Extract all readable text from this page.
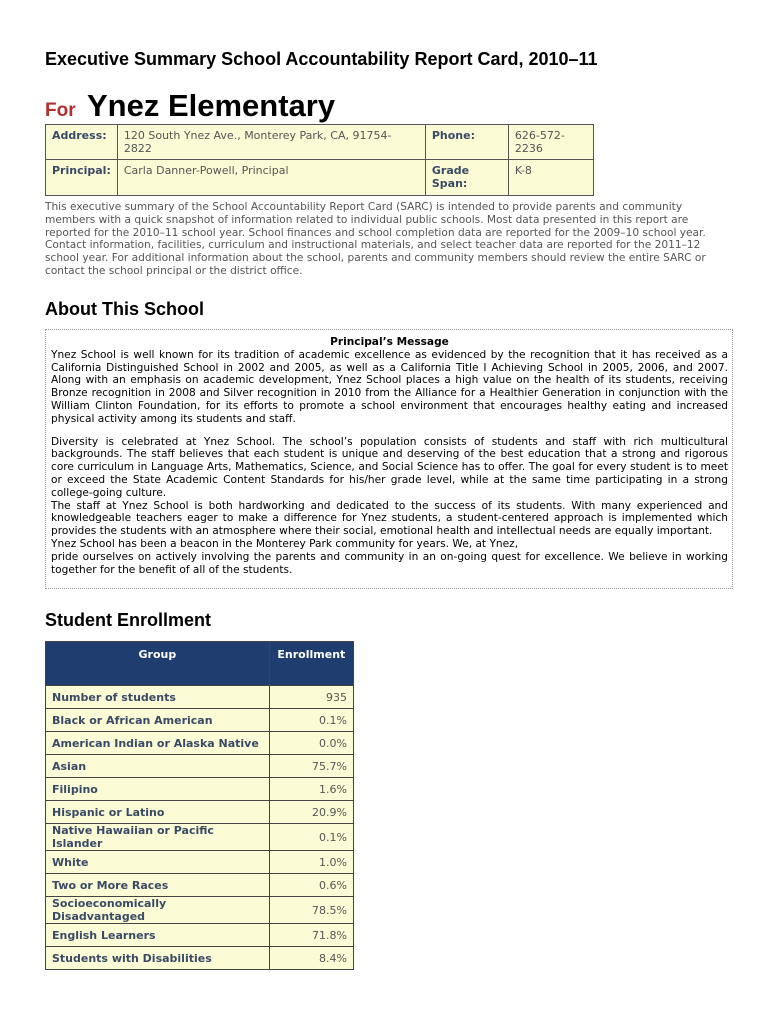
Executive Summary School Accountability Report Card, 2010–11
For Ynez Elementary
Address:	120 South Ynez Ave., Monterey Park, CA, 91754-2822	Phone:	626-572-2236
Principal:	Carla Danner-Powell, Principal	Grade Span:	K-8

This executive summary of the School Accountability Report Card (SARC) is intended to provide parents and community members with a quick snapshot of information related to individual public schools. Most data presented in this report are reported for the 2010–11 school year. School finances and school completion data are reported for the 2009–10 school year. Contact information, facilities, curriculum and instructional materials, and select teacher data are reported for the 2011–12 school year. For additional information about the school, parents and community members should review the entire SARC or contact the school principal or the district office.

About This School

Principal’s Message

Ynez School is well known for its tradition of academic excellence as evidenced by the recognition that it has received as a California Distinguished School in 2002 and 2005, as well as a California Title I Achieving School in 2005, 2006, and 2007. Along with an emphasis on academic development, Ynez School places a high value on the health of its students, receiving Bronze recognition in 2008 and Silver recognition in 2010 from the Alliance for a Healthier Generation in conjunction with the William Clinton Foundation, for its efforts to promote a school environment that encourages healthy eating and increased physical activity among its students and staff.

Diversity is celebrated at Ynez School. The school’s population consists of students and staff with rich multicultural backgrounds. The staff believes that each student is unique and deserving of the best education that a strong and rigorous core curriculum in Language Arts, Mathematics, Science, and Social Science has to offer. The goal for every student is to meet or exceed the State Academic Content Standards for his/her grade level, while at the same time participating in a strong college-going culture.

The staff at Ynez School is both hardworking and dedicated to the success of its students. With many experienced and knowledgeable teachers eager to make a difference for Ynez students, a student-centered approach is implemented which provides the students with an atmosphere where their social, emotional health and intellectual needs are equally important.

Ynez School has been a beacon in the Monterey Park community for years. We, at Ynez,

pride ourselves on actively involving the parents and community in an on-going quest for excellence. We believe in working together for the benefit of all of the students.

Student Enrollment
Group	Enrollment
Number of students	935
Black or African American	0.1%
American Indian or Alaska Native	0.0%
Asian	75.7%
Filipino	1.6%
Hispanic or Latino	20.9%
Native Hawaiian or Pacific Islander	0.1%
White	1.0%
Two or More Races	0.6%
Socioeconomically Disadvantaged	78.5%
English Learners	71.8%
Students with Disabilities	8.4%
